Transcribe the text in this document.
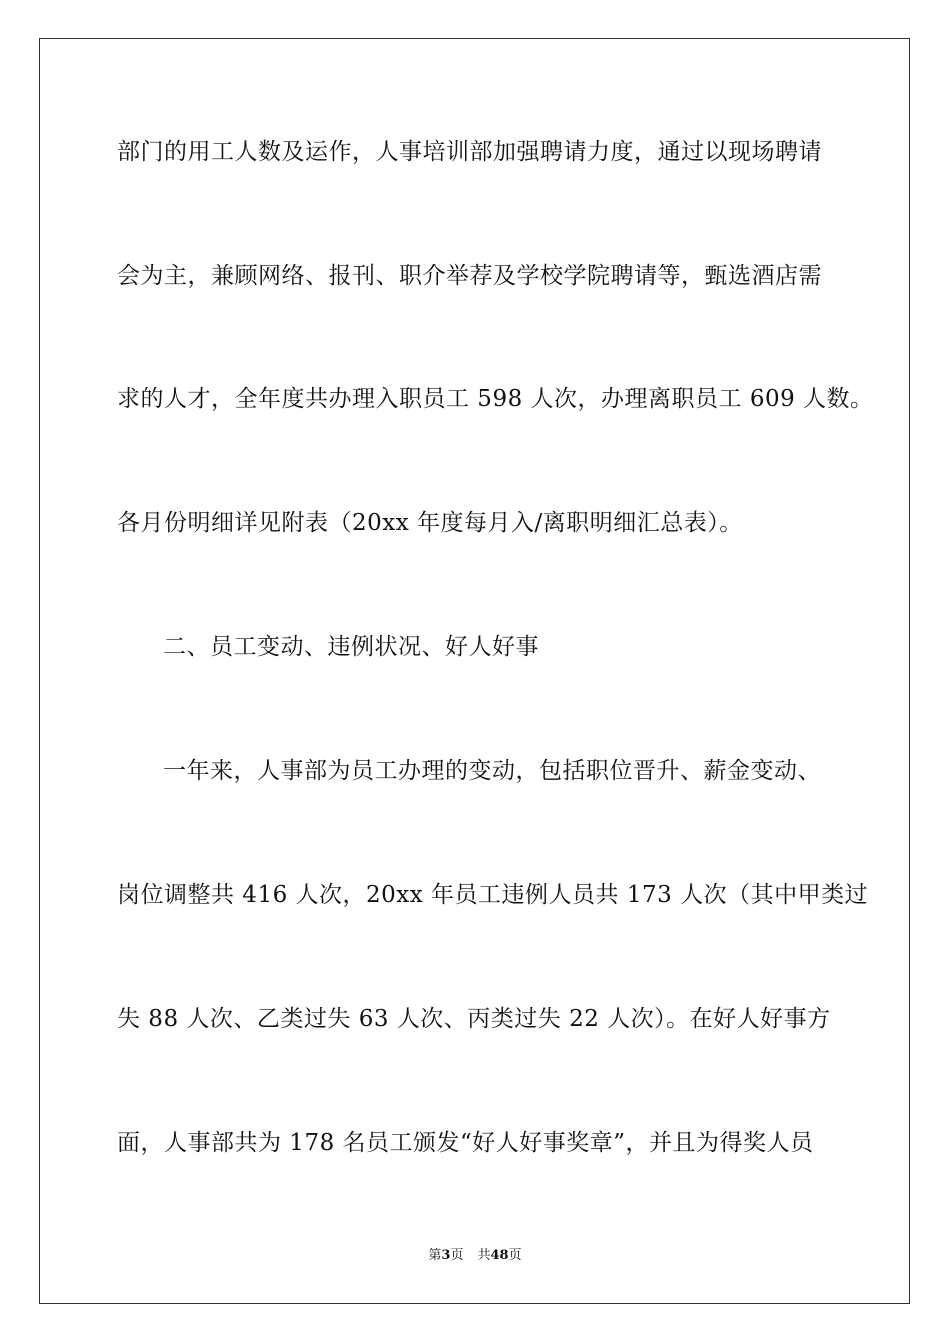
部门的用工人数及运作，人事培训部加强聘请力度，通过以现场聘请
会为主，兼顾网络、报刊、职介举荐及学校学院聘请等，甄选酒店需
求的人才，全年度共办理入职员工 598 人次，办理离职员工 609 人数。
各月份明细详见附表（20xx 年度每月入/离职明细汇总表）。
二、员工变动、违例状况、好人好事
一年来，人事部为员工办理的变动，包括职位晋升、薪金变动、
岗位调整共 416 人次，20xx 年员工违例人员共 173 人次（其中甲类过
失 88 人次、乙类过失 63 人次、丙类过失 22 人次）。在好人好事方
面，人事部共为 178 名员工颁发“好人好事奖章”，并且为得奖人员
第3页 共48页
